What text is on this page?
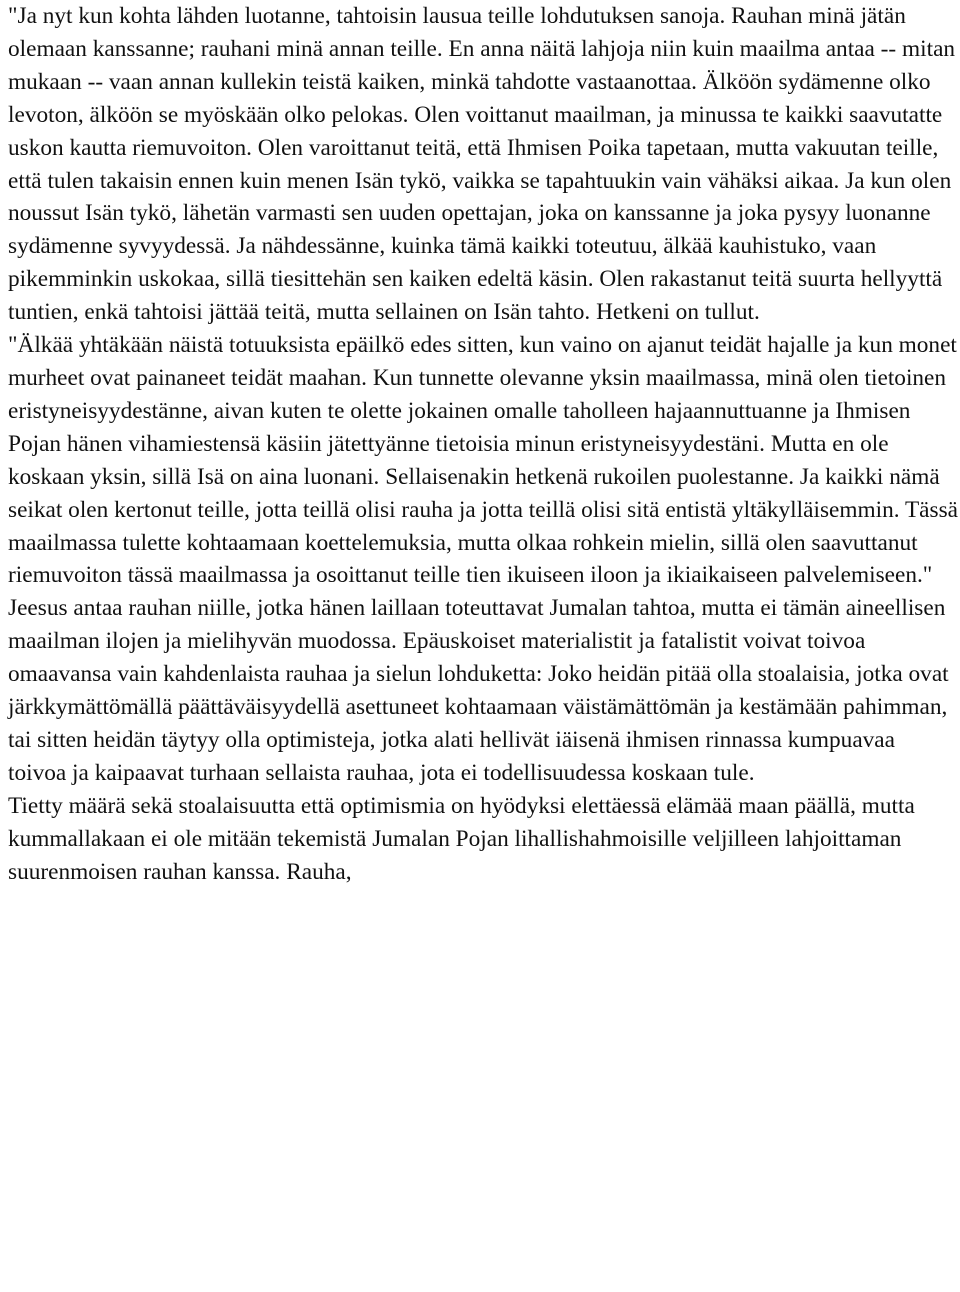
"Ja nyt kun kohta lähden luotanne, tahtoisin lausua teille lohdutuksen sanoja. Rauhan minä jätän olemaan kanssanne; rauhani minä annan teille. En anna näitä lahjoja niin kuin maailma antaa -- mitan mukaan -- vaan annan kullekin teistä kaiken, minkä tahdotte vastaanottaa. Älköön sydämenne olko levoton, älköön se myöskään olko pelokas. Olen voittanut maailman, ja minussa te kaikki saavutatte uskon kautta riemuvoiton. Olen varoittanut teitä, että Ihmisen Poika tapetaan, mutta vakuutan teille, että tulen takaisin ennen kuin menen Isän tykö, vaikka se tapahtuukin vain vähäksi aikaa. Ja kun olen noussut Isän tykö, lähetän varmasti sen uuden opettajan, joka on kanssanne ja joka pysyy luonanne sydämenne syvyydessä. Ja nähdessänne, kuinka tämä kaikki toteutuu, älkää kauhistuko, vaan pikemminkin uskokaa, sillä tiesittehän sen kaiken edeltä käsin. Olen rakastanut teitä suurta hellyyttä tuntien, enkä tahtoisi jättää teitä, mutta sellainen on Isän tahto. Hetkeni on tullut.

"Älkää yhtäkään näistä totuuksista epäilkö edes sitten, kun vaino on ajanut teidät hajalle ja kun monet murheet ovat painaneet teidät maahan. Kun tunnette olevanne yksin maailmassa, minä olen tietoinen eristyneisyydestänne, aivan kuten te olette jokainen omalle taholleen hajaannuttuanne ja Ihmisen Pojan hänen vihamiestensä käsiin jätettyänne tietoisia minun eristyneisyydestäni. Mutta en ole koskaan yksin, sillä Isä on aina luonani. Sellaisenakin hetkenä rukoilen puolestanne. Ja kaikki nämä seikat olen kertonut teille, jotta teillä olisi rauha ja jotta teillä olisi sitä entistä yltäkylläisemmin. Tässä maailmassa tulette kohtaamaan koettelemuksia, mutta olkaa rohkein mielin, sillä olen saavuttanut riemuvoiton tässä maailmassa ja osoittanut teille tien ikuiseen iloon ja ikiaikaiseen palvelemiseen."

Jeesus antaa rauhan niille, jotka hänen laillaan toteuttavat Jumalan tahtoa, mutta ei tämän aineellisen maailman ilojen ja mielihyvän muodossa. Epäuskoiset materialistit ja fatalistit voivat toivoa omaavansa vain kahdenlaista rauhaa ja sielun lohduketta: Joko heidän pitää olla stoalaisia, jotka ovat järkkymättömällä päättäväisyydellä asettuneet kohtaamaan väistämättömän ja kestämään pahimman, tai sitten heidän täytyy olla optimisteja, jotka alati hellivät iäisenä ihmisen rinnassa kumpuavaa toivoa ja kaipaavat turhaan sellaista rauhaa, jota ei todellisuudessa koskaan tule.

Tietty määrä sekä stoalaisuutta että optimismia on hyödyksi elettäessä elämää maan päällä, mutta kummallakaan ei ole mitään tekemistä Jumalan Pojan lihallishahmoisille veljilleen lahjoittaman suurenmoisen rauhan kanssa. Rauha,
